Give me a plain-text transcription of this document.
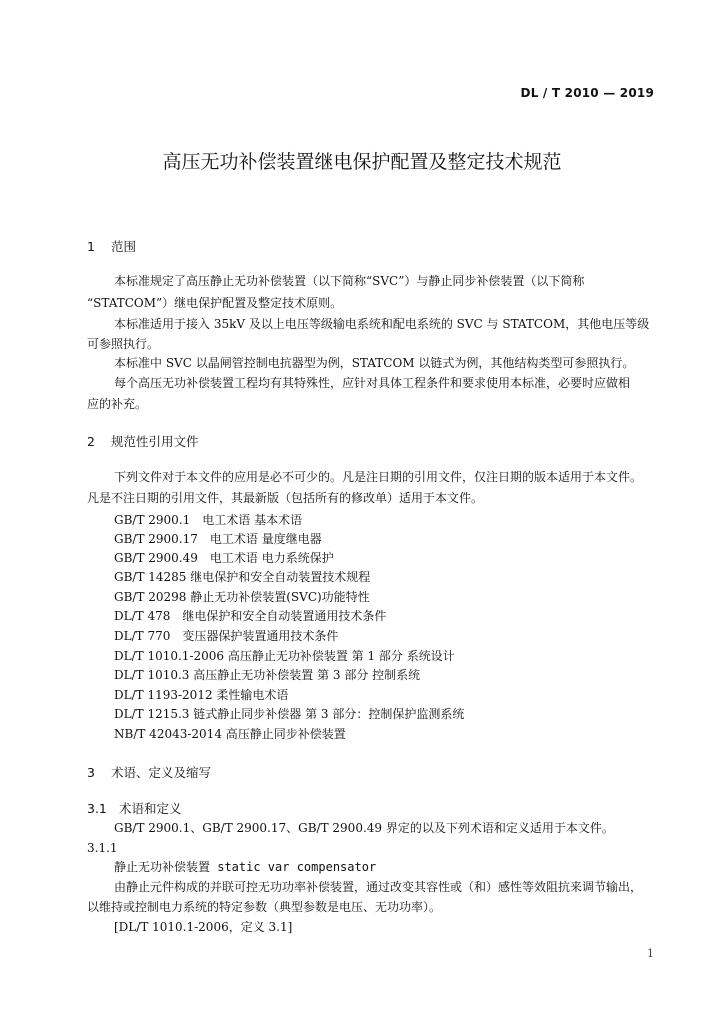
DL / T 2010 — 2019
高压无功补偿装置继电保护配置及整定技术规范
1 范围
本标准规定了高压静止无功补偿装置（以下简称“SVC”）与静止同步补偿装置（以下简称
“STATCOM”）继电保护配置及整定技术原则。
本标准适用于接入 35kV 及以上电压等级输电系统和配电系统的 SVC 与 STATCOM，其他电压等级
可参照执行。
本标准中 SVC 以晶闸管控制电抗器型为例，STATCOM 以链式为例，其他结构类型可参照执行。
每个高压无功补偿装置工程均有其特殊性，应针对具体工程条件和要求使用本标准，必要时应做相
应的补充。
2 规范性引用文件
下列文件对于本文件的应用是必不可少的。凡是注日期的引用文件，仅注日期的版本适用于本文件。
凡是不注日期的引用文件，其最新版（包括所有的修改单）适用于本文件。
GB/T 2900.1　电工术语 基本术语
GB/T 2900.17　电工术语 量度继电器
GB/T 2900.49　电工术语 电力系统保护
GB/T 14285 继电保护和安全自动装置技术规程
GB/T 20298 静止无功补偿装置(SVC)功能特性
DL/T 478　继电保护和安全自动装置通用技术条件
DL/T 770　变压器保护装置通用技术条件
DL/T 1010.1-2006 高压静止无功补偿装置 第 1 部分 系统设计
DL/T 1010.3 高压静止无功补偿装置 第 3 部分 控制系统
DL/T 1193-2012 柔性输电术语
DL/T 1215.3 链式静止同步补偿器 第 3 部分：控制保护监测系统
NB/T 42043-2014 高压静止同步补偿装置
3 术语、定义及缩写
3.1 术语和定义
GB/T 2900.1、GB/T 2900.17、GB/T 2900.49 界定的以及下列术语和定义适用于本文件。
3.1.1
静止无功补偿装置 static var compensator
由静止元件构成的并联可控无功功率补偿装置，通过改变其容性或（和）感性等效阻抗来调节输出，
以维持或控制电力系统的特定参数（典型参数是电压、无功功率）。
[DL/T 1010.1-2006，定义 3.1]
1
